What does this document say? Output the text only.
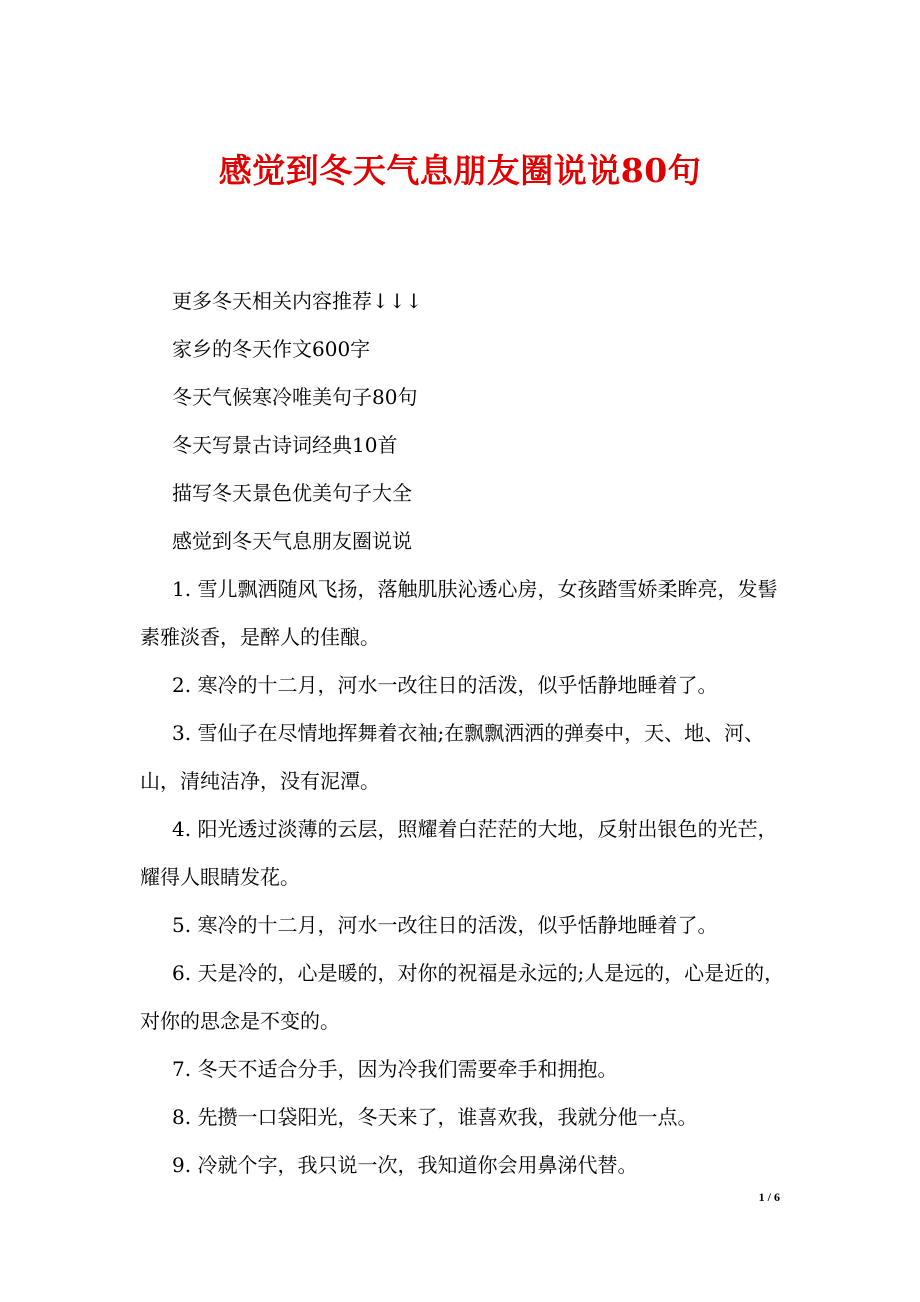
感觉到冬天气息朋友圈说说80句

更多冬天相关内容推荐↓↓↓

家乡的冬天作文600字

冬天气候寒冷唯美句子80句

冬天写景古诗词经典10首

描写冬天景色优美句子大全

感觉到冬天气息朋友圈说说

1. 雪儿飘洒随风飞扬，落触肌肤沁透心房，女孩踏雪娇柔眸亮，发髻素雅淡香，是醉人的佳酿。

2. 寒冷的十二月，河水一改往日的活泼，似乎恬静地睡着了。

3. 雪仙子在尽情地挥舞着衣袖;在飘飘洒洒的弹奏中，天、地、河、山，清纯洁净，没有泥潭。

4. 阳光透过淡薄的云层，照耀着白茫茫的大地，反射出银色的光芒，耀得人眼睛发花。

5. 寒冷的十二月，河水一改往日的活泼，似乎恬静地睡着了。

6. 天是冷的，心是暖的，对你的祝福是永远的;人是远的，心是近的，对你的思念是不变的。

7. 冬天不适合分手，因为冷我们需要牵手和拥抱。

8. 先攒一口袋阳光，冬天来了，谁喜欢我，我就分他一点。

9. 冷就个字，我只说一次，我知道你会用鼻涕代替。

1 / 6
